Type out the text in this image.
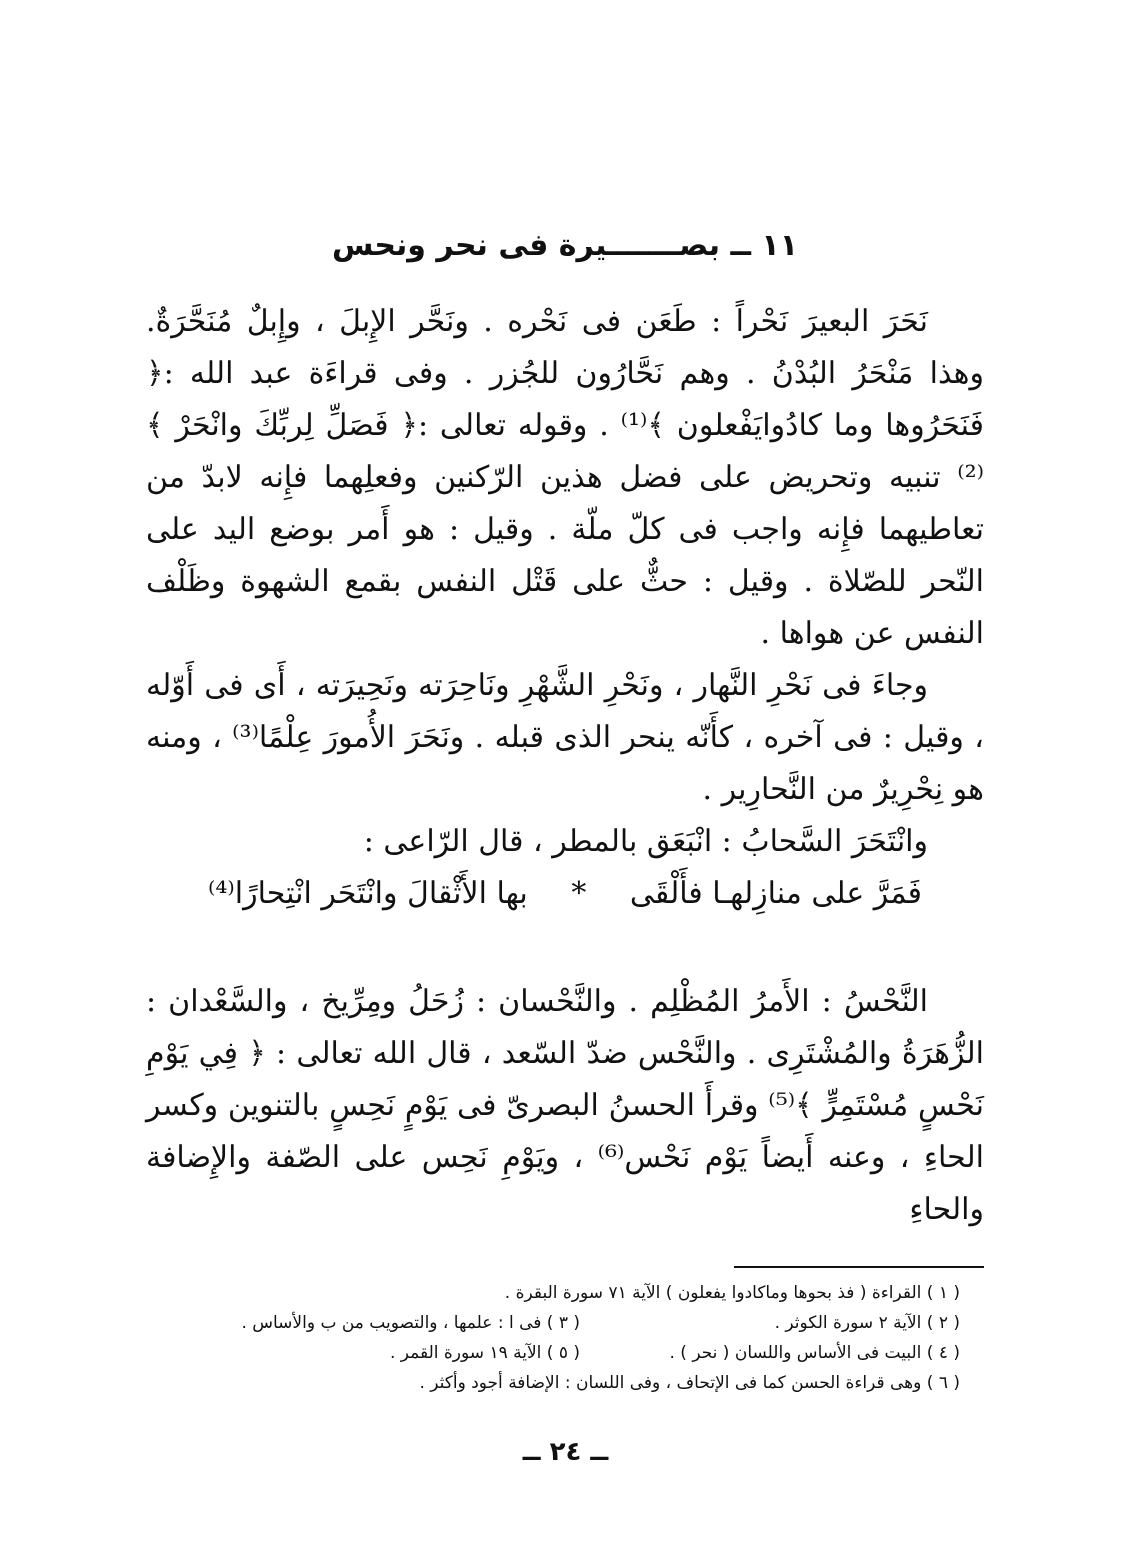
١١ ــ بصـــــــيرة فى نحر ونحس

نَحَرَ البعيرَ نَحْراً : طَعَن فى نَحْره . ونَحَّر الإِبلَ ، وإِبلٌ مُنَحَّرَةٌ. وهذا مَنْحَرُ البُدْنُ . وهم نَحَّارُون للجُزر . وفى قراءَة عبد الله :﴿ فَنَحَرُوها وما كادُوايَفْعلون ﴾⁽¹⁾ . وقوله تعالى :﴿ فَصَلِّ لِربِّكَ وانْحَرْ ﴾⁽²⁾ تنبيه وتحريض على فضل هذين الرّكنين وفعلِهما فإِنه لابدّ من تعاطيهما فإِنه واجب فى كلّ ملّة . وقيل : هو أَمر بوضع اليد على النّحر للصّلاة . وقيل : حثٌّ على قَتْل النفس بقمع الشهوة وظَلْف النفس عن هواها .

وجاءَ فى نَحْرِ النَّهار ، ونَحْرِ الشَّهْرِ ونَاحِرَته ونَحِيرَته ، أَى فى أَوّله ، وقيل : فى آخره ، كأَنّه ينحر الذى قبله . ونَحَرَ الأُمورَ عِلْمًا⁽³⁾ ، ومنه هو نِحْرِيرٌ من النَّحارِير .

وانْتَحَرَ السَّحابُ : انْبَعَق بالمطر ، قال الرّاعى :

فَمَرَّ على منازِلهـا فأَلْقَى * بها الأَثْقالَ وانْتَحَر انْتِحارًا⁽⁴⁾

النَّحْسُ : الأَمرُ المُظْلِم . والنَّحْسان : زُحَلُ ومِرِّيخ ، والسَّعْدان : الزُّهَرَةُ والمُشْتَرِى . والنَّحْس ضدّ السّعد ، قال الله تعالى : ﴿ فِي يَوْمِ نَحْسٍ مُسْتَمِرٍّ ﴾⁽⁵⁾ وقرأَ الحسنُ البصرىّ فى يَوْمٍ نَحِسٍ بالتنوين وكسر الحاءِ ، وعنه أَيضاً يَوْم نَحْس⁽⁶⁾ ، ويَوْمِ نَحِس على الصّفة والإِضافة والحاءِ

( ١ ) القراءة ( فذ بحوها وماكادوا يفعلون ) الآية ٧١ سورة البقرة .
( ٢ ) الآية ٢ سورة الكوثر .
( ٣ ) فى ا : علمها ، والتصويب من ب والأساس .
( ٤ ) البيت فى الأساس واللسان ( نحر ) .
( ٥ ) الآية ١٩ سورة القمر .
( ٦ ) وهى قراءة الحسن كما فى الإتحاف ، وفى اللسان : الإضافة أجود وأكثر .
ــ ٢٤ ــ
